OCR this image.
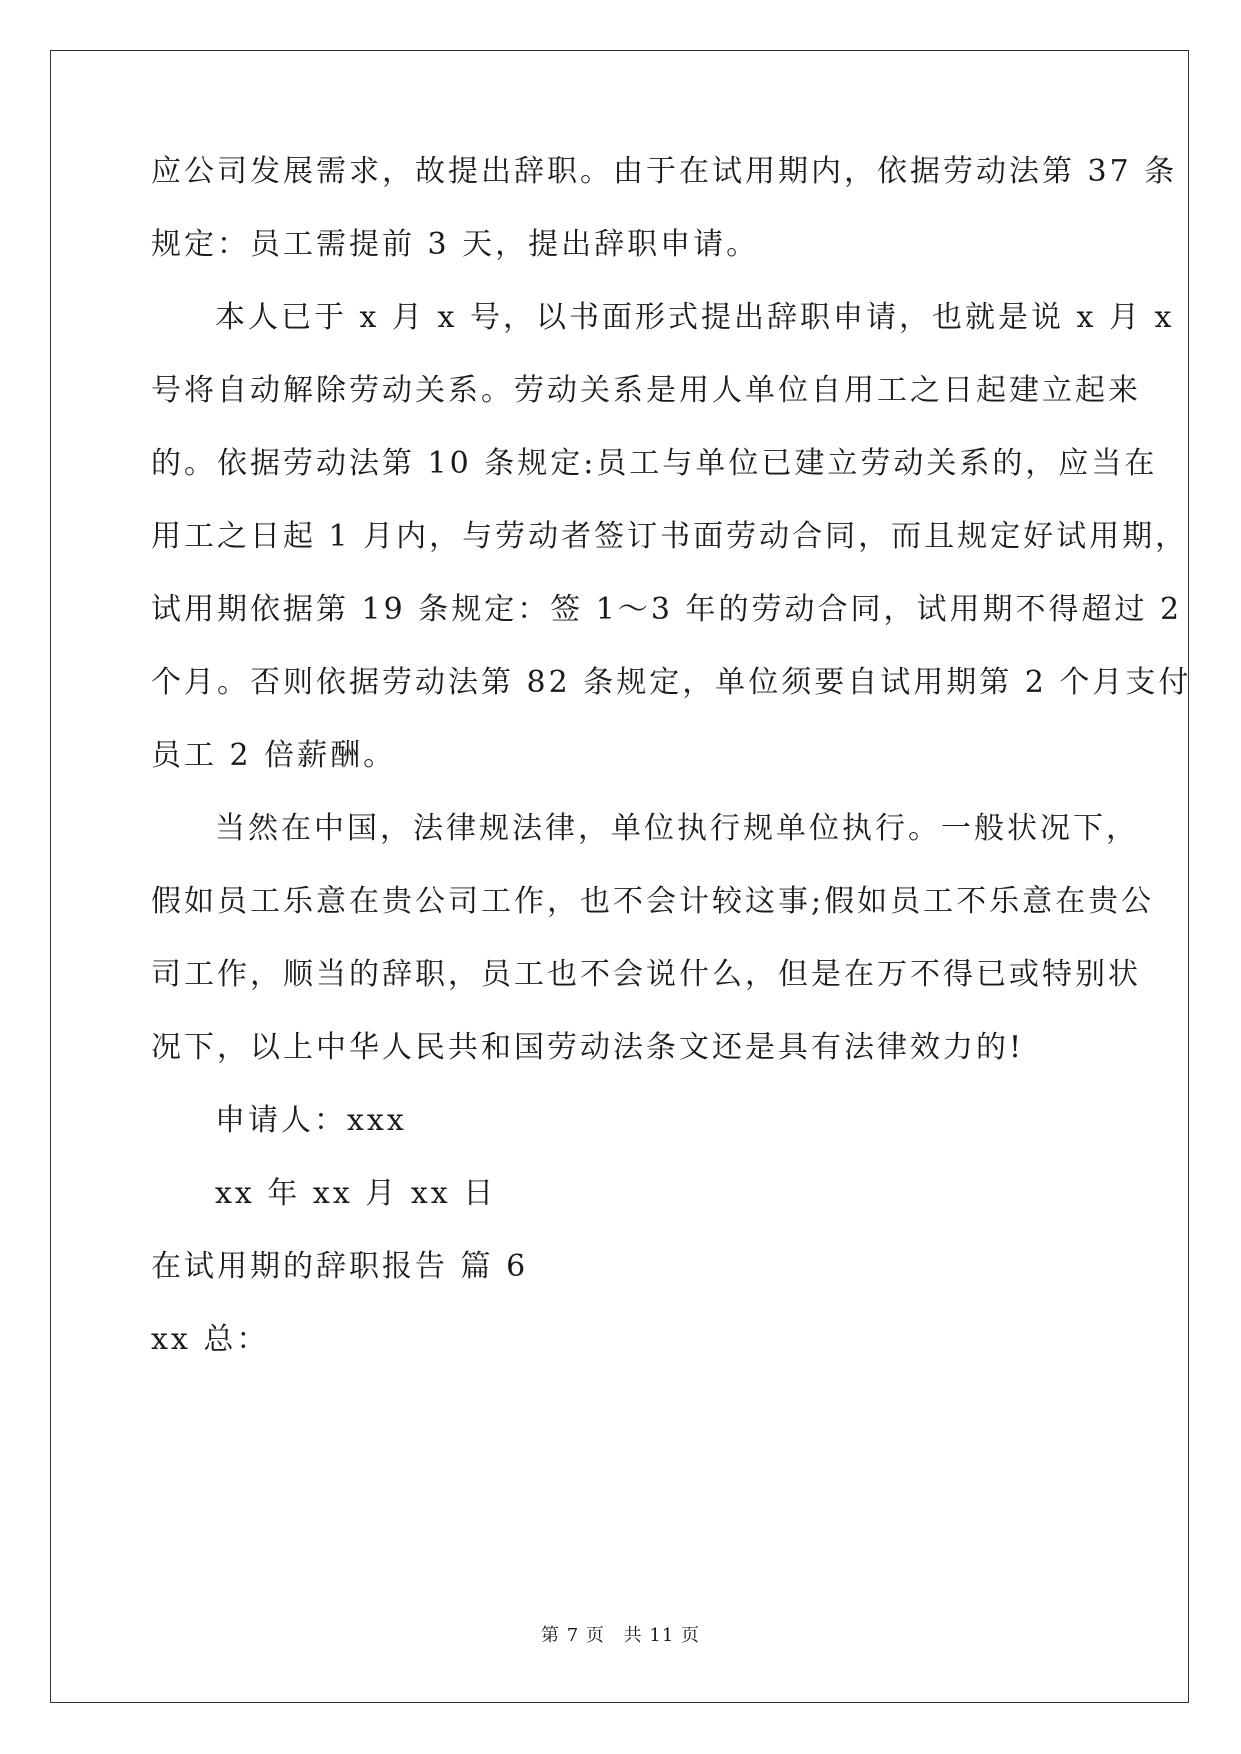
应公司发展需求，故提出辞职。由于在试用期内，依据劳动法第 37 条
规定：员工需提前 3 天，提出辞职申请。
本人已于 x 月 x 号，以书面形式提出辞职申请，也就是说 x 月 x
号将自动解除劳动关系。劳动关系是用人单位自用工之日起建立起来
的。依据劳动法第 10 条规定:员工与单位已建立劳动关系的，应当在
用工之日起 1 月内，与劳动者签订书面劳动合同，而且规定好试用期，
试用期依据第 19 条规定：签 1～3 年的劳动合同，试用期不得超过 2
个月。否则依据劳动法第 82 条规定，单位须要自试用期第 2 个月支付
员工 2 倍薪酬。
当然在中国，法律规法律，单位执行规单位执行。一般状况下，
假如员工乐意在贵公司工作，也不会计较这事;假如员工不乐意在贵公
司工作，顺当的辞职，员工也不会说什么，但是在万不得已或特别状
况下，以上中华人民共和国劳动法条文还是具有法律效力的!
申请人：xxx
xx 年 xx 月 xx 日
在试用期的辞职报告 篇 6
xx 总：
第 7 页 共 11 页
